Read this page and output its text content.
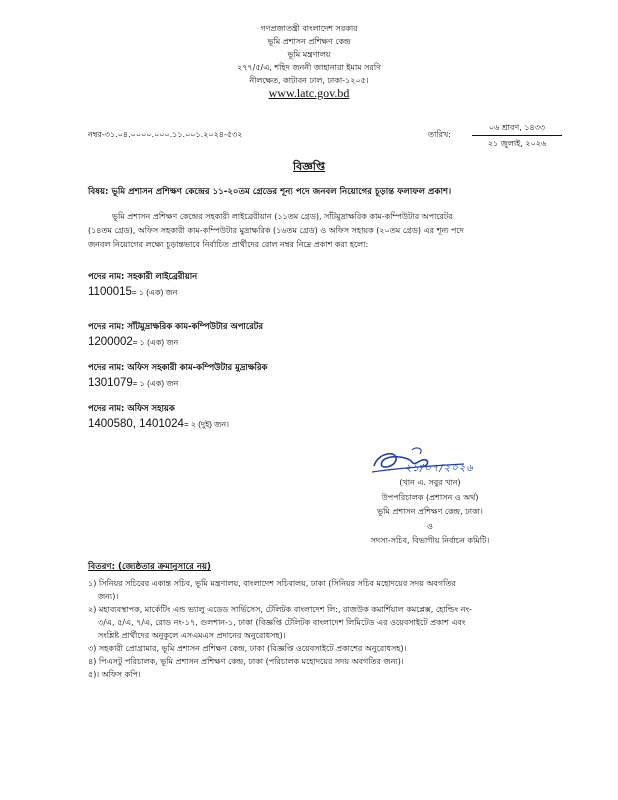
গণপ্রজাতন্ত্রী বাংলাদেশ সরকার
ভূমি প্রশাসন প্রশিক্ষণ কেন্দ্র
ভূমি মন্ত্রণালয়
২৭৭/৫/এ, শহিদ জননী জাহানারা ইমাম সরণি
নীলক্ষেত, কাটাবন ঢাল, ঢাকা-১২০৫।
www.latc.gov.bd
নম্বর-৩১.০৪.০০০০.০০০.১১.০০১.২০২৪-৫৩২	তারিখ:
০৬ শ্রাবণ, ১৪৩৩
২১ জুলাই, ২০২৬
বিজ্ঞপ্তি
বিষয়: ভূমি প্রশাসন প্রশিক্ষণ কেন্দ্রের ১১-২০তম গ্রেডের শূন্য পদে জনবল নিয়োগের চূড়ান্ত ফলাফল প্রকাশ।
ভূমি প্রশাসন প্রশিক্ষণ কেন্দ্রের সহকারী লাইব্রেরীয়ান (১১তম গ্রেড), সাঁটমুদ্রাক্ষরিক কাম-কম্পিউটার অপারেটর
(১৪তম গ্রেড), অফিস সহকারী কাম-কম্পিউটার মুদ্রাক্ষরিক (১৬তম গ্রেড) ও অফিস সহায়ক (২০তম গ্রেড) এর শূন্য পদে
জনবল নিয়োগের লক্ষ্যে চূড়ান্তভাবে নির্বাচিত প্রার্থীদের রোল নম্বর নিম্নে প্রকাশ করা হলো:
পদের নাম: সহকারী লাইব্রেরীয়ান
1100015= ১ (এক) জন
পদের নাম: সাঁটমুদ্রাক্ষরিক কাম-কম্পিউটার অপারেটর
1200002= ১ (এক) জন
পদের নাম: অফিস সহকারী কাম-কম্পিউটার মুদ্রাক্ষরিক
1301079= ১ (এক) জন
পদের নাম: অফিস সহায়ক
1400580, 1401024= ২ (দুই) জন।
২১/০৭/২০২৬
(খান এ. সবুর খান)
উপপরিচালক (প্রশাসন ও অর্থ)
ভূমি প্রশাসন প্রশিক্ষণ কেন্দ্র, ঢাকা।
ও
সদস্য-সচিব, বিভাগীয় নির্বাচন কমিটি।
বিতরণ: (জ্যেষ্ঠতার ক্রমানুসারে নয়)
১) সিনিয়র সচিবের একান্ত সচিব, ভূমি মন্ত্রণালয়, বাংলাদেশ সচিবালয়, ঢাকা (সিনিয়র সচিব মহোদয়ের সদয় অবগতির
জন্য)।
২) মহাব্যবস্থাপক, মার্কেটিং এন্ড ভ্যালু এডেড সার্ভিসেস, টেলিটক বাংলাদেশ লি:, রাজউক কমার্শিয়াল কমপ্লেক্স, হোল্ডিং নং-
৩/এ, ৫/এ, ৭/এ, রোড নং-১৭, গুলশান-১, ঢাকা (বিজ্ঞপ্তি টেলিটক বাংলাদেশ লিমিটেড এর ওয়েবসাইটে প্রকাশ এবং
সংশ্লিষ্ট প্রার্থীদের অনুকূলে এসএমএস প্রদানের অনুরোধসহ)।
৩) সহকারী প্রোগ্রামার, ভূমি প্রশাসন প্রশিক্ষণ কেন্দ্র, ঢাকা (বিজ্ঞপ্তি ওয়েবসাইটে প্রকাশের অনুরোধসহ)।
৪) পিএসটু পরিচালক, ভূমি প্রশাসন প্রশিক্ষণ কেন্দ্র, ঢাকা (পরিচালক মহোদয়ের সদয় অবগতির জন্য)।
৫)। অফিস কপি।
